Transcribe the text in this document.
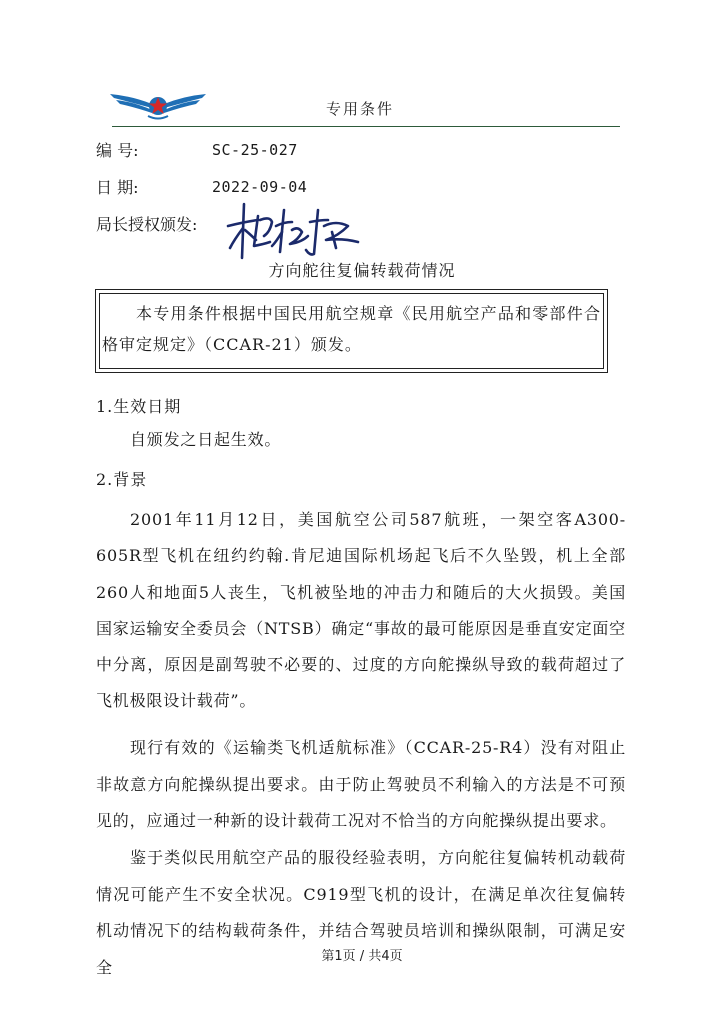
专用条件
编 号:	SC-25-027
日 期:	2022-09-04
局长授权颁发:
方向舵往复偏转载荷情况
本专用条件根据中国民用航空规章《民用航空产品和零部件合格审定规定》（CCAR-21）颁发。
1.生效日期
自颁发之日起生效。
2.背景
2001年11月12日，美国航空公司587航班，一架空客A300-605R型飞机在纽约约翰.肯尼迪国际机场起飞后不久坠毁，机上全部260人和地面5人丧生，飞机被坠地的冲击力和随后的大火损毁。美国国家运输安全委员会（NTSB）确定“事故的最可能原因是垂直安定面空中分离，原因是副驾驶不必要的、过度的方向舵操纵导致的载荷超过了飞机极限设计载荷”。
现行有效的《运输类飞机适航标准》（CCAR-25-R4）没有对阻止非故意方向舵操纵提出要求。由于防止驾驶员不利输入的方法是不可预见的，应通过一种新的设计载荷工况对不恰当的方向舵操纵提出要求。
鉴于类似民用航空产品的服役经验表明，方向舵往复偏转机动载荷情况可能产生不安全状况。C919型飞机的设计，在满足单次往复偏转机动情况下的结构载荷条件，并结合驾驶员培训和操纵限制，可满足安全
第1页 / 共4页
